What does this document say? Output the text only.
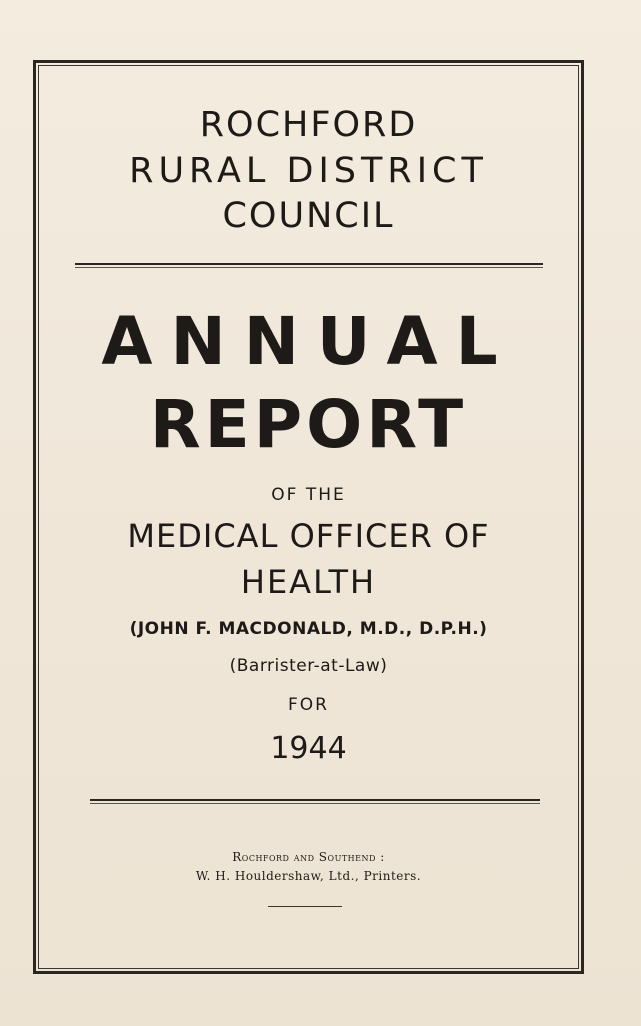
ROCHFORD
RURAL DISTRICT
COUNCIL
ANNUAL
REPORT
OF THE
MEDICAL OFFICER OF
HEALTH
(JOHN F. MACDONALD, M.D., D.P.H.)
(Barrister-at-Law)
FOR
1944
Rochford and Southend :
W. H. Houldershaw, Ltd., Printers.
